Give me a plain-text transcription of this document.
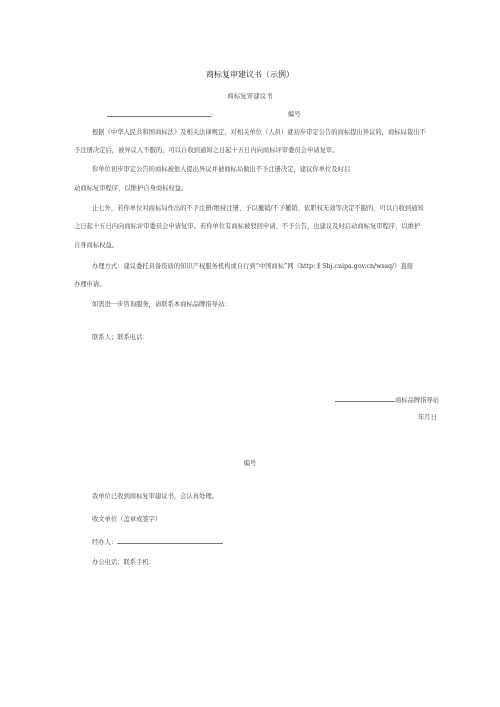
商标复审建议书（示例）
商标复审建议书
:	编号
根据《中华人民共和国商标法》及相关法律规定，对相关单位（人员）就初步审定公告的商标提出异议的，商标局裁出不
予注册决定后，被异议人不服的，可以自收到通知之日起十五日内向商标评审委员会申请复审。
你单位初步审定公告的商标被他人提出异议并被商标局做出不予注册决定，建议你单位及时启
动商标复审程序，以维护自身商标权益。
止七外，若你单位对商标局作出的不予注册/维持注册、予以撤销/不予撤销、依职权无效等决定不服的，可以自收到通知
之日起十五日内向商标评审委员会申请复审。若你单位有商标被驳回申请、不予公告，也建议及时启动商标复审程序，以维护
自身商标权益。
办理方式：建议委托具备资质的知识产权服务机构或自行到“中国商标”网（http: ∥ Sbj.cnipa.gov.cn/wssq/）直接
办理申请。
如需进一步咨询服务，请联系本商标品牌指导站：
联系人；联系电话：
商标品牌指导站
年月日
编号
我单位已收到商标复审建议书，会认真处理。
收文单位（盖章或签字）
经办人：
办公电话；联系手机：
